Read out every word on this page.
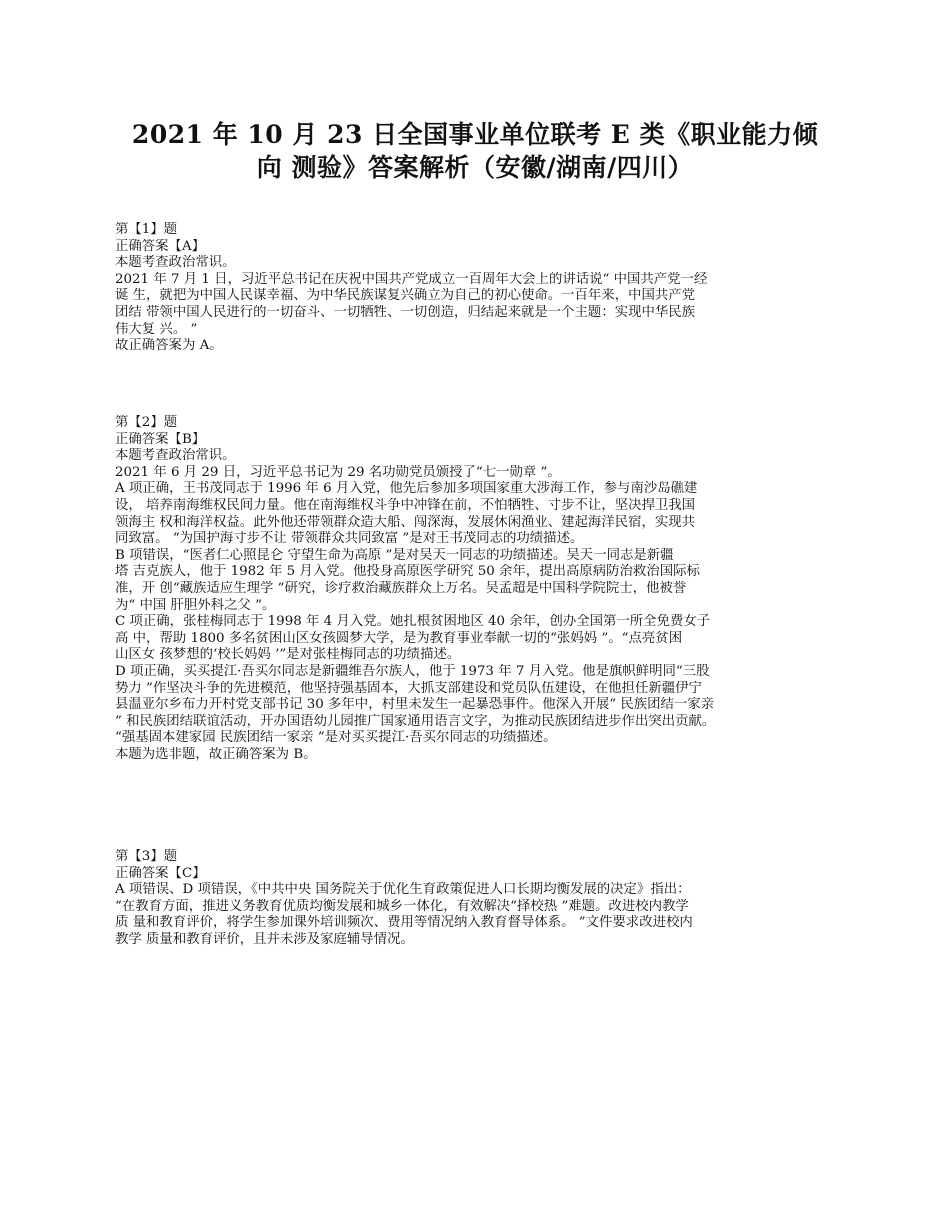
2021 年 10 月 23 日全国事业单位联考 E 类《职业能力倾
向 测验》答案解析（安徽/湖南/四川）
第【1】题
正确答案【A】
本题考查政治常识。
2021 年 7 月 1 日，习近平总书记在庆祝中国共产党成立一百周年大会上的讲话说“ 中国共产党一经
诞 生，就把为中国人民谋幸福、为中华民族谋复兴确立为自己的初心使命。一百年来，中国共产党
团结 带领中国人民进行的一切奋斗、一切牺牲、一切创造，归结起来就是一个主题：实现中华民族
伟大复 兴。 ”
故正确答案为 A。
第【2】题
正确答案【B】
本题考查政治常识。
2021 年 6 月 29 日，习近平总书记为 29 名功勋党员颁授了“七一勋章 ”。
A 项正确，王书茂同志于 1996 年 6 月入党，他先后参加多项国家重大涉海工作，参与南沙岛礁建
设， 培养南海维权民间力量。他在南海维权斗争中冲锋在前，不怕牺牲、寸步不让，坚决捍卫我国
领海主 权和海洋权益。此外他还带领群众造大船、闯深海，发展休闲渔业、建起海洋民宿，实现共
同致富。 “为国护海寸步不让 带领群众共同致富 ”是对王书茂同志的功绩描述。
B 项错误，“医者仁心照昆仑 守望生命为高原 ”是对吴天一同志的功绩描述。吴天一同志是新疆
塔 吉克族人，他于 1982 年 5 月入党。他投身高原医学研究 50 余年，提出高原病防治救治国际标
准，开 创“藏族适应生理学 ”研究，诊疗救治藏族群众上万名。吴孟超是中国科学院院士，他被誉
为“ 中国 肝胆外科之父 ”。
C 项正确，张桂梅同志于 1998 年 4 月入党。她扎根贫困地区 40 余年，创办全国第一所全免费女子
高 中，帮助 1800 多名贫困山区女孩圆梦大学，是为教育事业奉献一切的“张妈妈 ”。“点亮贫困
山区女 孩梦想的‘校长妈妈 ’”是对张桂梅同志的功绩描述。
D 项正确，买买提江·吾买尔同志是新疆维吾尔族人，他于 1973 年 7 月入党。他是旗帜鲜明同“三股
势力 ”作坚决斗争的先进模范，他坚持强基固本，大抓支部建设和党员队伍建设，在他担任新疆伊宁
县温亚尔乡布力开村党支部书记 30 多年中，村里未发生一起暴恐事件。他深入开展“ 民族团结一家亲
” 和民族团结联谊活动，开办国语幼儿园推广国家通用语言文字，为推动民族团结进步作出突出贡献。
“强基固本建家园 民族团结一家亲 ”是对买买提江·吾买尔同志的功绩描述。
本题为选非题，故正确答案为 B。
第【3】题
正确答案【C】
A 项错误、D 项错误，《中共中央 国务院关于优化生育政策促进人口长期均衡发展的决定》指出：
“在教育方面，推进义务教育优质均衡发展和城乡一体化，有效解决“择校热 ”难题。改进校内教学
质 量和教育评价，将学生参加课外培训频次、费用等情况纳入教育督导体系。 ”文件要求改进校内
教学 质量和教育评价，且并未涉及家庭辅导情况。
